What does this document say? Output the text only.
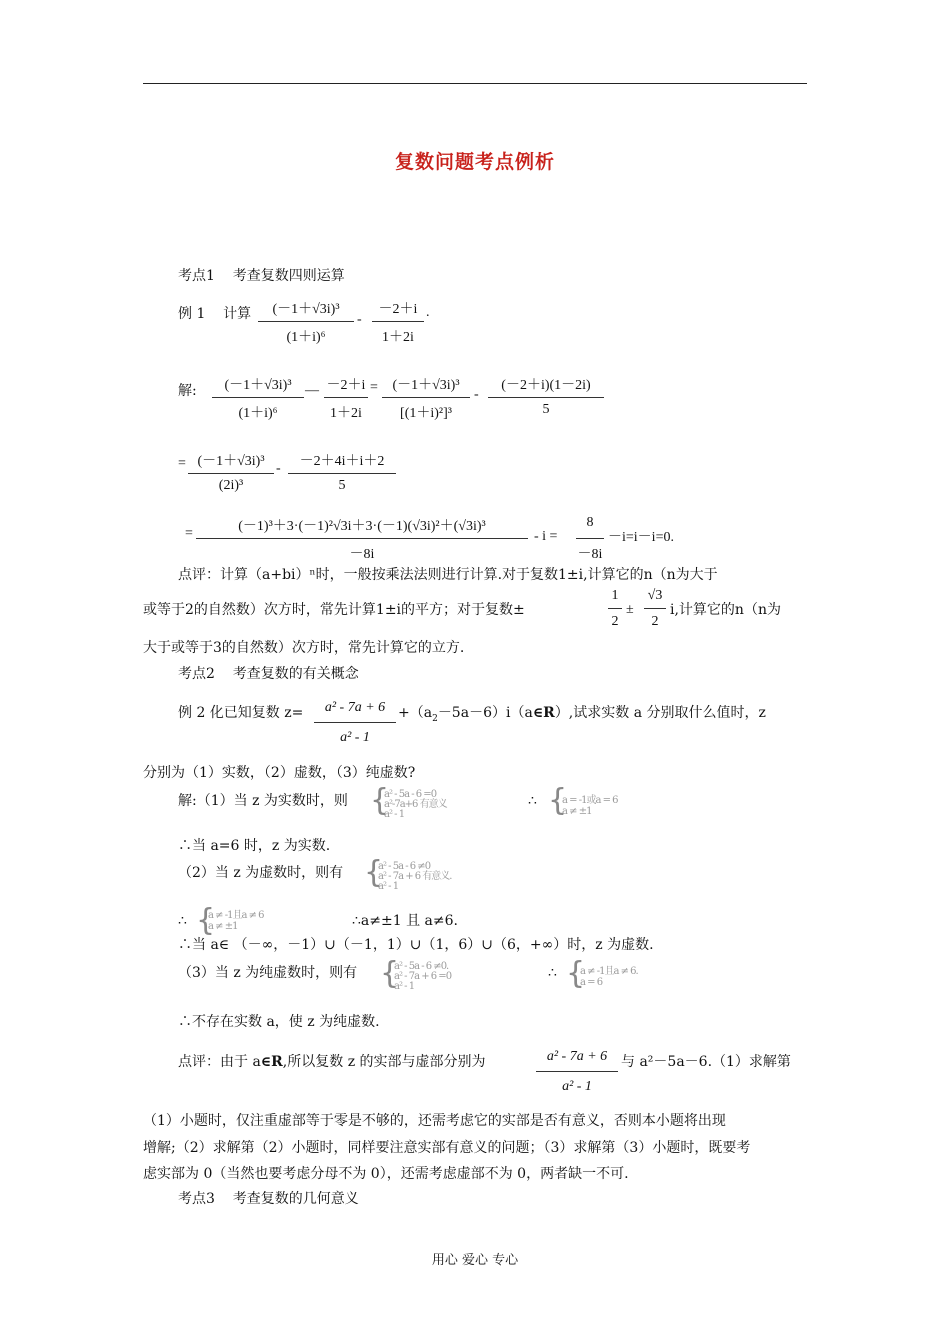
复数问题考点例析
考点1 考查复数四则运算
例 1 计算	(－1＋√3i)³
(1＋i)⁶
-
－2＋i
1＋2i
.
解:	(－1＋√3i)³
(1＋i)⁶
— －2＋i
1＋2i
=	(－1＋√3i)³
[(1＋i)²]³
-
(－2＋i)(1－2i)
5
= (－1＋√3i)³
(2i)³
-	－2＋4i＋i＋2
5
=	(－1)³＋3·(－1)²√3i＋3·(－1)(√3i)²＋(√3i)³
－8i
- i =
8
－8i
－i=i－i=0.
点评：计算（a+bi）ⁿ时，一般按乘法法则进行计算.对于复数1±i,计算它的n（n为大于
或等于2的自然数）次方时，常先计算1±i的平方；对于复数±
1
2
±
√3
2
i,计算它的n（n为
大于或等于3的自然数）次方时，常先计算它的立方.
考点2 考查复数的有关概念
例 2 化已知复数 z=	a² - 7a + 6
a² - 1
$+(a_2-5a-6)i(a\in R)$,试求实数 a 分别取什么值时，z
分别为（1）实数，（2）虚数，（3）纯虚数?
解:（1）当 z 为实数时，则 {
a² - 5a - 6 =0
a²-7a+6 有意义
a² - 1
∴ {
a = -1或a = 6
a ≠ ±1
∴当 a=6 时，z 为实数.
（2）当 z 为虚数时，则有 {
a² - 5a - 6 ≠0
a² - 7a + 6 有意义.
a² - 1
∴ {
a ≠ -1且a ≠ 6
a ≠ ±1	∴a≠±1 且 a≠6.
∴当 a∈ （－∞，－1）∪（－1，1）∪（1，6）∪（6，+∞）时，z 为虚数.
（3）当 z 为纯虚数时，则有 {
a² - 5a - 6 ≠0.
a² - 7a + 6 =0
a² - 1
∴ {
a ≠ -1且a ≠ 6.
a = 6
∴不存在实数 a，使 z 为纯虚数.
点评：由于 a∈R,所以复数 z 的实部与虚部分别为	a² - 7a + 6
a² - 1
与 a²－5a－6.（1）求解第
（1）小题时，仅注重虚部等于零是不够的，还需考虑它的实部是否有意义，否则本小题将出现
增解;（2）求解第（2）小题时，同样要注意实部有意义的问题；（3）求解第（3）小题时，既要考
虑实部为 0（当然也要考虑分母不为 0），还需考虑虚部不为 0，两者缺一不可.
考点3 考查复数的几何意义
用心 爱心 专心
